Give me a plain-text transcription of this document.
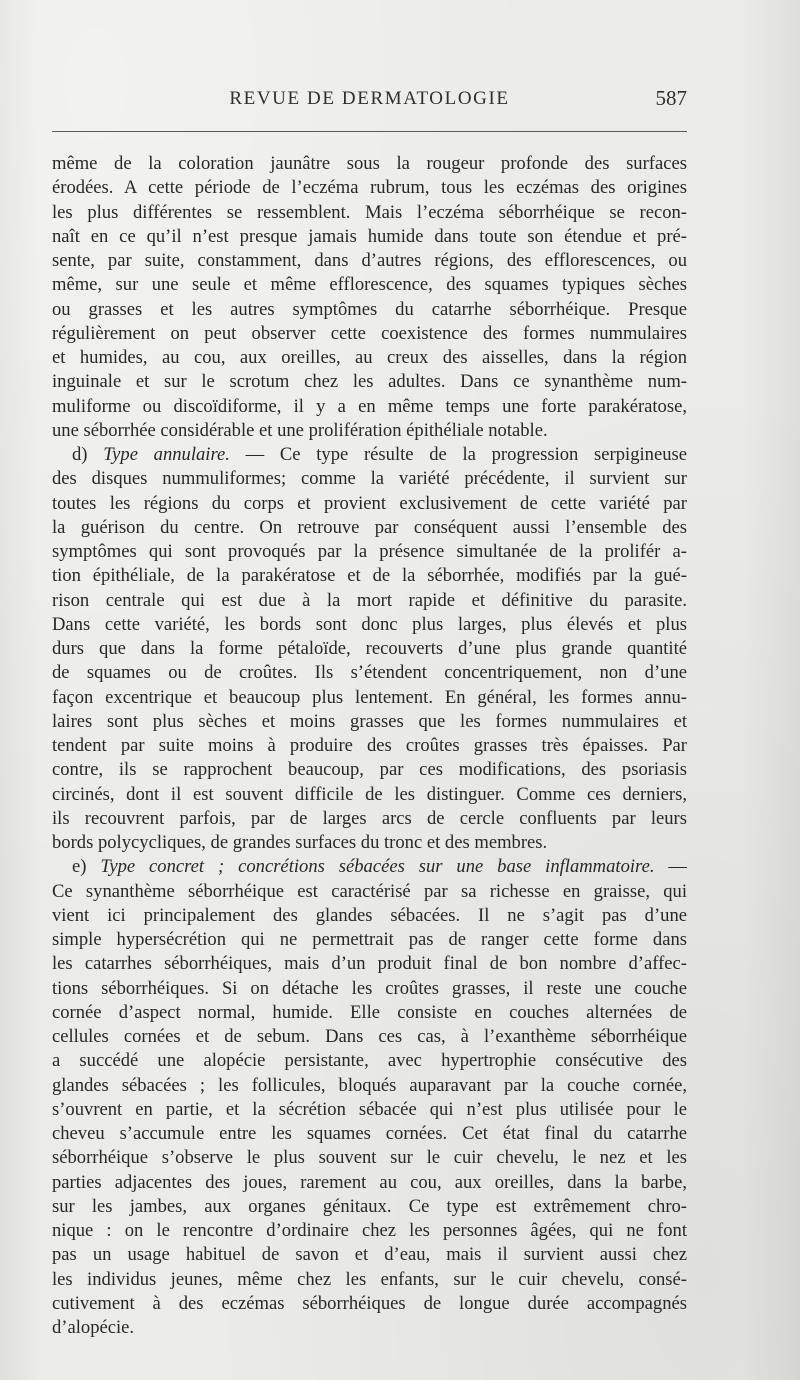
REVUE DE DERMATOLOGIE	587
même de la coloration jaunâtre sous la rougeur profonde des surfaces
érodées. A cette période de l’eczéma rubrum, tous les eczémas des origines
les plus différentes se ressemblent. Mais l’eczéma séborrhéique se recon-
naît en ce qu’il n’est presque jamais humide dans toute son étendue et pré-
sente, par suite, constamment, dans d’autres régions, des efflorescences, ou
même, sur une seule et même efflorescence, des squames typiques sèches
ou grasses et les autres symptômes du catarrhe séborrhéique. Presque
régulièrement on peut observer cette coexistence des formes nummulaires
et humides, au cou, aux oreilles, au creux des aisselles, dans la région
inguinale et sur le scrotum chez les adultes. Dans ce synanthème num-
muliforme ou discoïdiforme, il y a en même temps une forte parakératose,
une séborrhée considérable et une prolifération épithéliale notable.
d) Type annulaire. — Ce type résulte de la progression serpigineuse
des disques nummuliformes; comme la variété précédente, il survient sur
toutes les régions du corps et provient exclusivement de cette variété par
la guérison du centre. On retrouve par conséquent aussi l’ensemble des
symptômes qui sont provoqués par la présence simultanée de la prolifér a-
tion épithéliale, de la parakératose et de la séborrhée, modifiés par la gué-
rison centrale qui est due à la mort rapide et définitive du parasite.
Dans cette variété, les bords sont donc plus larges, plus élevés et plus
durs que dans la forme pétaloïde, recouverts d’une plus grande quantité
de squames ou de croûtes. Ils s’étendent concentriquement, non d’une
façon excentrique et beaucoup plus lentement. En général, les formes annu-
laires sont plus sèches et moins grasses que les formes nummulaires et
tendent par suite moins à produire des croûtes grasses très épaisses. Par
contre, ils se rapprochent beaucoup, par ces modifications, des psoriasis
circinés, dont il est souvent difficile de les distinguer. Comme ces derniers,
ils recouvrent parfois, par de larges arcs de cercle confluents par leurs
bords polycycliques, de grandes surfaces du tronc et des membres.
e) Type concret ; concrétions sébacées sur une base inflammatoire. —
Ce synanthème séborrhéique est caractérisé par sa richesse en graisse, qui
vient ici principalement des glandes sébacées. Il ne s’agit pas d’une
simple hypersécrétion qui ne permettrait pas de ranger cette forme dans
les catarrhes séborrhéiques, mais d’un produit final de bon nombre d’affec-
tions séborrhéiques. Si on détache les croûtes grasses, il reste une couche
cornée d’aspect normal, humide. Elle consiste en couches alternées de
cellules cornées et de sebum. Dans ces cas, à l’exanthème séborrhéique
a succédé une alopécie persistante, avec hypertrophie consécutive des
glandes sébacées ; les follicules, bloqués auparavant par la couche cornée,
s’ouvrent en partie, et la sécrétion sébacée qui n’est plus utilisée pour le
cheveu s’accumule entre les squames cornées. Cet état final du catarrhe
séborrhéique s’observe le plus souvent sur le cuir chevelu, le nez et les
parties adjacentes des joues, rarement au cou, aux oreilles, dans la barbe,
sur les jambes, aux organes génitaux. Ce type est extrêmement chro-
nique : on le rencontre d’ordinaire chez les personnes âgées, qui ne font
pas un usage habituel de savon et d’eau, mais il survient aussi chez
les individus jeunes, même chez les enfants, sur le cuir chevelu, consé-
cutivement à des eczémas séborrhéiques de longue durée accompagnés
d’alopécie.
